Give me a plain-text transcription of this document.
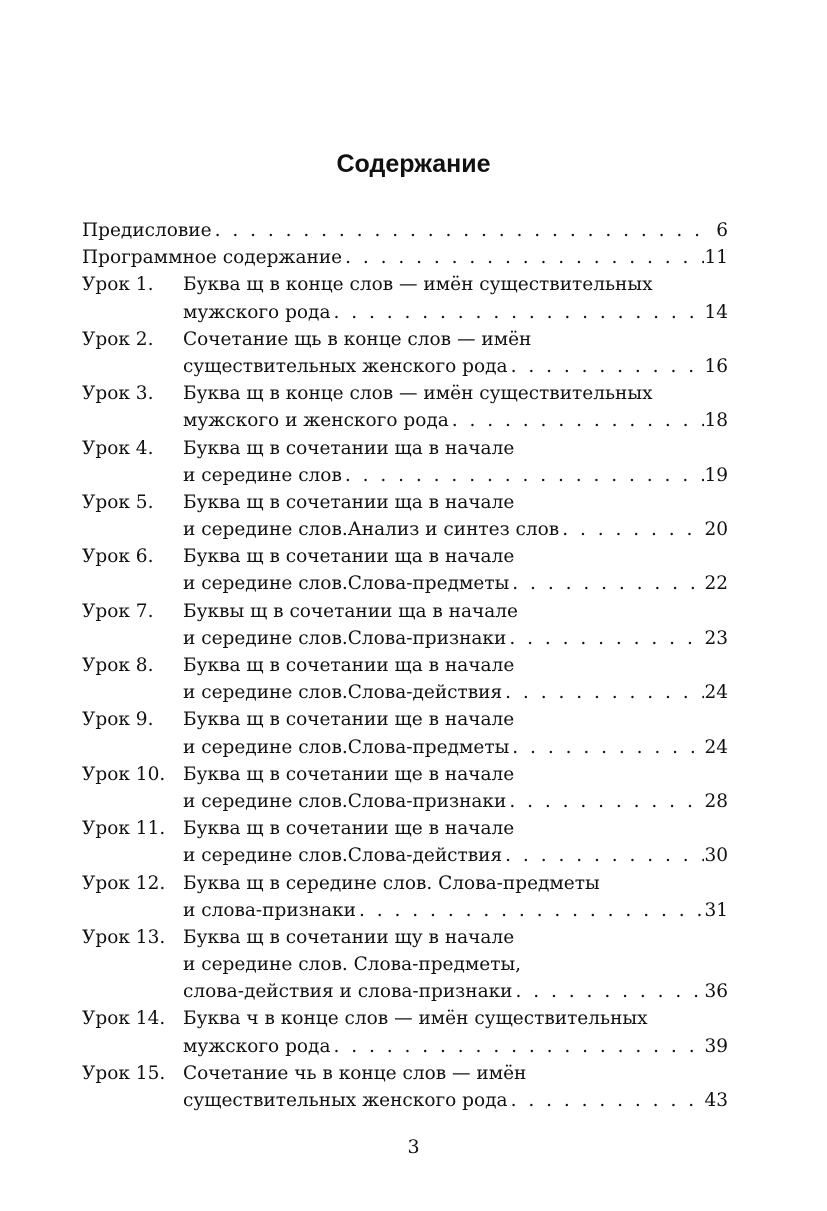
Содержание
Предисловие . . .	6
Программное содержание . . .	11
Урок 1.	Буква щ в конце слов — имён существительных
мужского рода . . .	14
Урок 2.	Сочетание щь в конце слов — имён
существительных женского рода . . .	16
Урок 3.	Буква щ в конце слов — имён существительных
мужского и женского рода . . .	18
Урок 4.	Буква щ в сочетании ща в начале
и середине слов . . .	19
Урок 5.	Буква щ в сочетании ща в начале
и середине слов.Анализ и синтез слов . . .	20
Урок 6.	Буква щ в сочетании ща в начале
и середине слов.Слова-предметы . . .	22
Урок 7.	Буквы щ в сочетании ща в начале
и середине слов.Слова-признаки . . .	23
Урок 8.	Буква щ в сочетании ща в начале
и середине слов.Слова-действия . . .	24
Урок 9.	Буква щ в сочетании ще в начале
и середине слов.Слова-предметы . . .	24
Урок 10. Буква щ в сочетании ще в начале
и середине слов.Слова-признаки . . .	28
Урок 11. Буква щ в сочетании ще в начале
и середине слов.Слова-действия . . .	30
Урок 12. Буква щ в середине слов. Слова-предметы
и слова-признаки . . .	31
Урок 13. Буква щ в сочетании щу в начале
и середине слов. Слова-предметы,
слова-действия и слова-признаки . . .	36
Урок 14. Буква ч в конце слов — имён существительных
мужского рода . . .	39
Урок 15. Сочетание чь в конце слов — имён
существительных женского рода . . .	43
3
